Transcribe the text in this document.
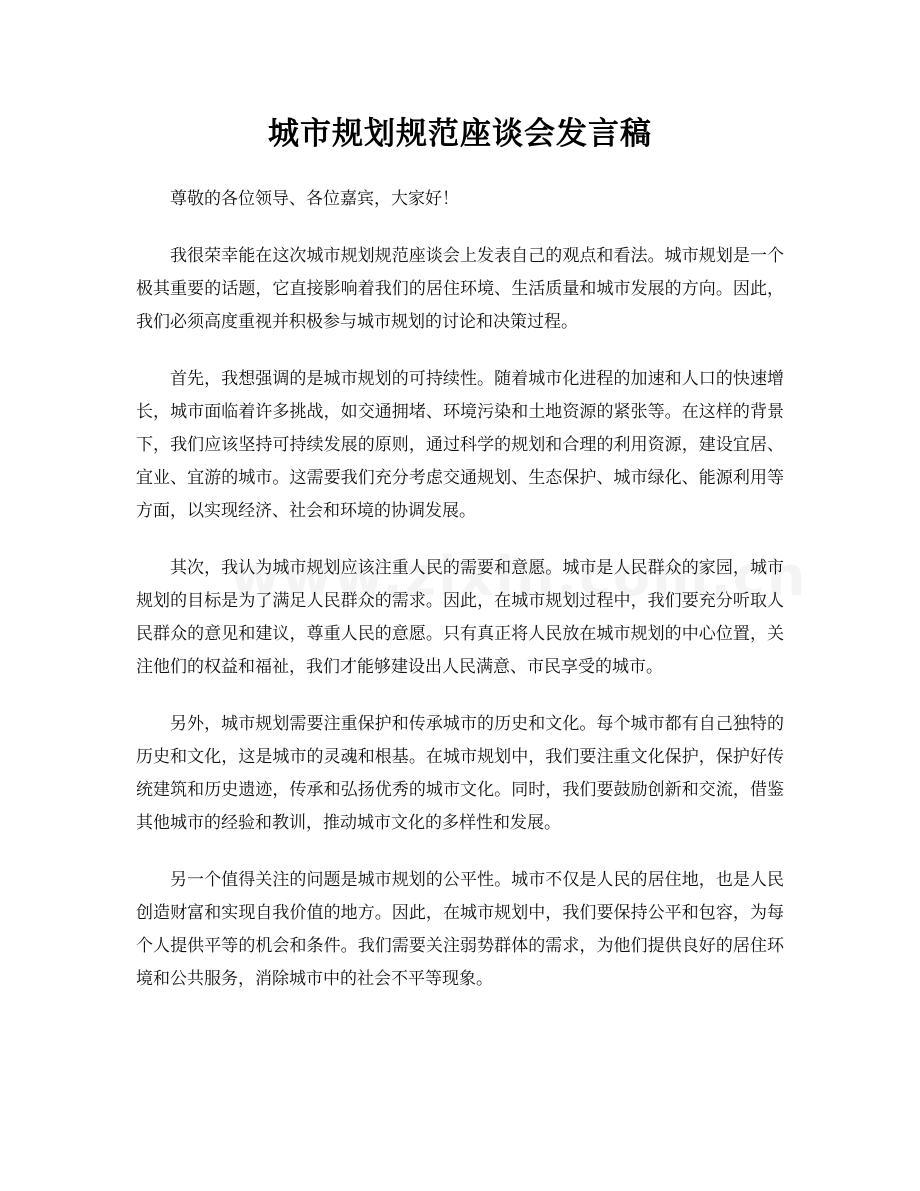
城市规划规范座谈会发言稿

尊敬的各位领导、各位嘉宾，大家好！

我很荣幸能在这次城市规划规范座谈会上发表自己的观点和看法。城市规划是一个极其重要的话题，它直接影响着我们的居住环境、生活质量和城市发展的方向。因此，我们必须高度重视并积极参与城市规划的讨论和决策过程。

首先，我想强调的是城市规划的可持续性。随着城市化进程的加速和人口的快速增长，城市面临着许多挑战，如交通拥堵、环境污染和土地资源的紧张等。在这样的背景下，我们应该坚持可持续发展的原则，通过科学的规划和合理的利用资源，建设宜居、宜业、宜游的城市。这需要我们充分考虑交通规划、生态保护、城市绿化、能源利用等方面，以实现经济、社会和环境的协调发展。

其次，我认为城市规划应该注重人民的需要和意愿。城市是人民群众的家园，城市规划的目标是为了满足人民群众的需求。因此，在城市规划过程中，我们要充分听取人民群众的意见和建议，尊重人民的意愿。只有真正将人民放在城市规划的中心位置，关注他们的权益和福祉，我们才能够建设出人民满意、市民享受的城市。

另外，城市规划需要注重保护和传承城市的历史和文化。每个城市都有自己独特的历史和文化，这是城市的灵魂和根基。在城市规划中，我们要注重文化保护，保护好传统建筑和历史遗迹，传承和弘扬优秀的城市文化。同时，我们要鼓励创新和交流，借鉴其他城市的经验和教训，推动城市文化的多样性和发展。

另一个值得关注的问题是城市规划的公平性。城市不仅是人民的居住地，也是人民创造财富和实现自我价值的地方。因此，在城市规划中，我们要保持公平和包容，为每个人提供平等的机会和条件。我们需要关注弱势群体的需求，为他们提供良好的居住环境和公共服务，消除城市中的社会不平等现象。
